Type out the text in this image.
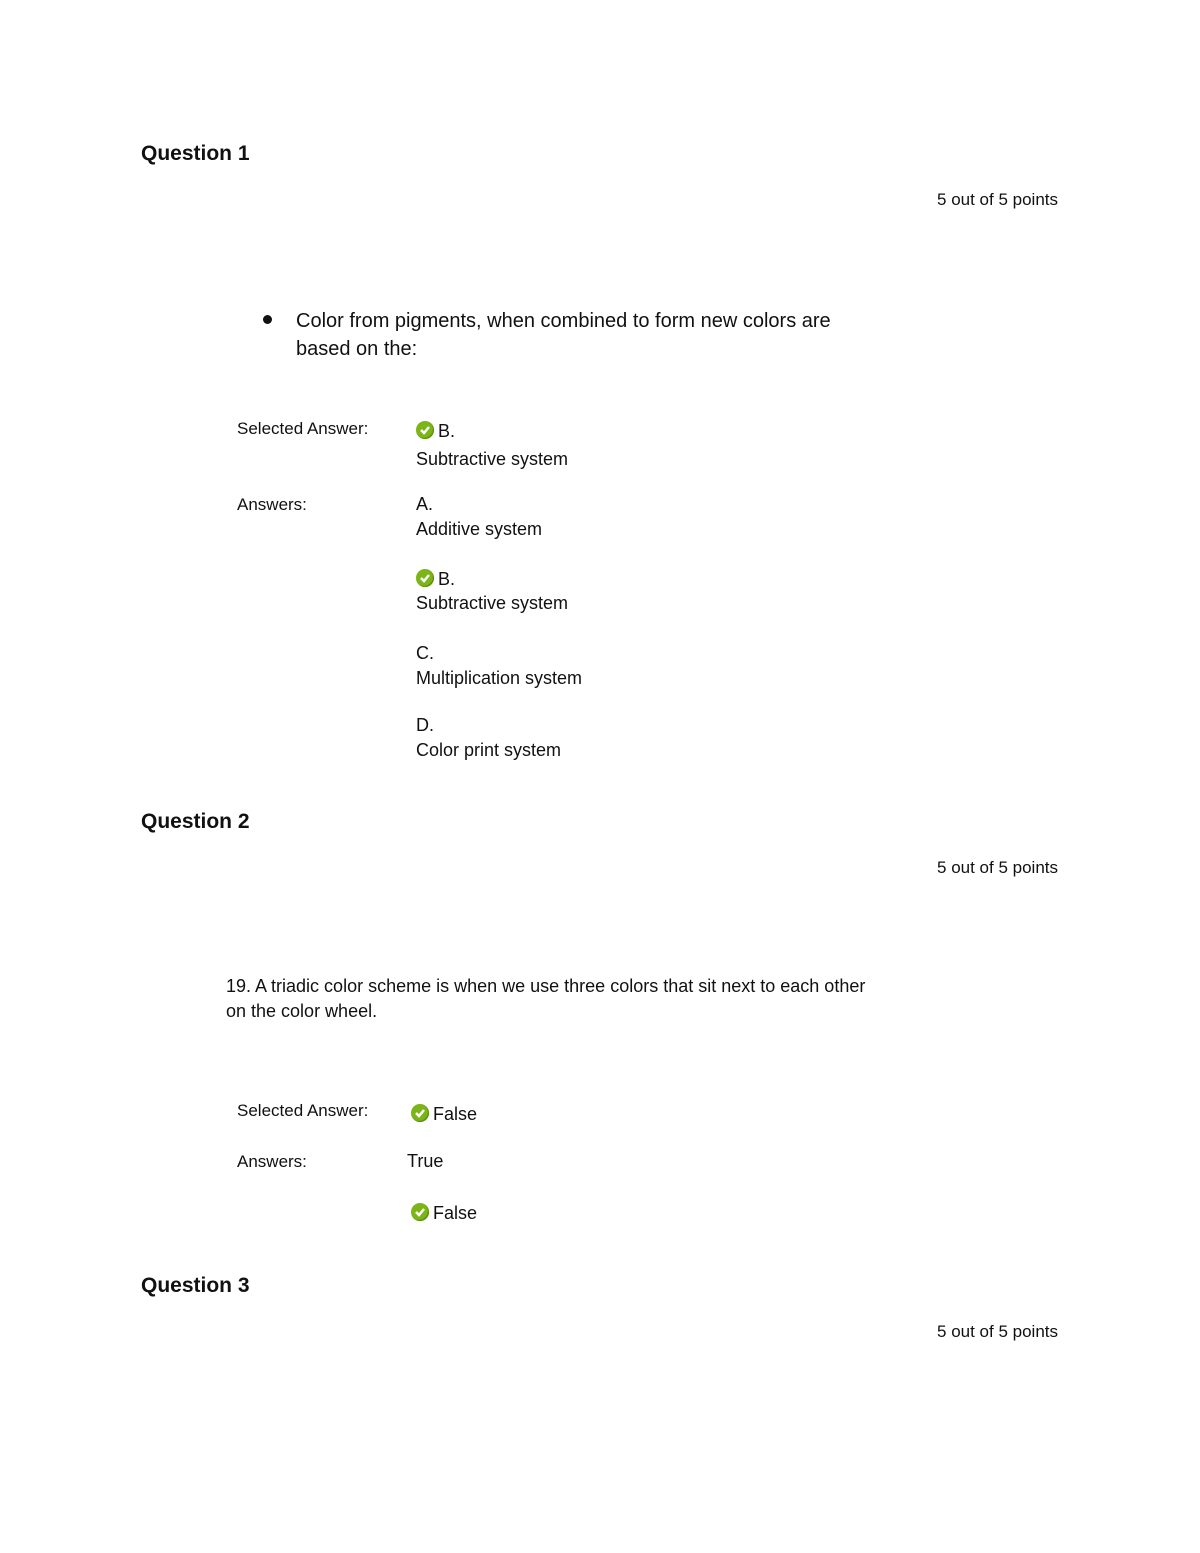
Question 1
5 out of 5 points
Color from pigments, when combined to form new colors are
based on the:
Selected Answer:	B.
Subtractive system
Answers:	A.
Additive system
B.
Subtractive system
C.
Multiplication system
D.
Color print system
Question 2
5 out of 5 points
19. A triadic color scheme is when we use three colors that sit next to each other
on the color wheel.
Selected Answer:	False
Answers:	True
False
Question 3
5 out of 5 points
